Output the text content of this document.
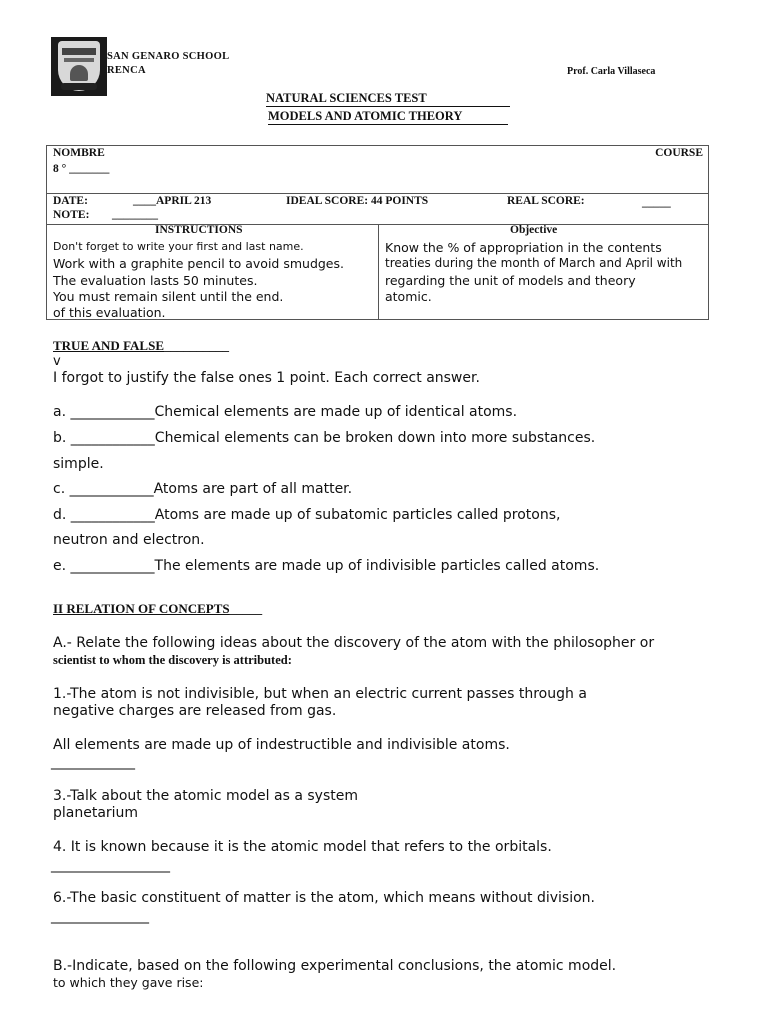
SAN GENARO SCHOOL
RENCA	Prof. Carla Villaseca
NATURAL SCIENCES TEST
MODELS AND ATOMIC THEORY
NOMBRE	COURSE
8 ° _______
DATE:	____APRIL 213	IDEAL SCORE: 44 POINTS	REAL SCORE:	_____
NOTE: ________
INSTRUCTIONS
Don't forget to write your first and last name.
Work with a graphite pencil to avoid smudges.
The evaluation lasts 50 minutes.
You must remain silent until the end.
of this evaluation.
Objective
Know the % of appropriation in the contents
treaties during the month of March and April with
regarding the unit of models and theory
atomic.
TRUE AND FALSE__________
v
I forgot to justify the false ones 1 point. Each correct answer.
a. ____________Chemical elements are made up of identical atoms.
b. ____________Chemical elements can be broken down into more substances.
simple.
c. ____________Atoms are part of all matter.
d. ____________Atoms are made up of subatomic particles called protons,
neutron and electron.
e. ____________The elements are made up of indivisible particles called atoms.
II RELATION OF CONCEPTS_____
A.- Relate the following ideas about the discovery of the atom with the philosopher or
scientist to whom the discovery is attributed:
1.-The atom is not indivisible, but when an electric current passes through a
negative charges are released from gas.
All elements are made up of indestructible and indivisible atoms.
____________
3.-Talk about the atomic model as a system
planetarium
4. It is known because it is the atomic model that refers to the orbitals.
_________________
6.-The basic constituent of matter is the atom, which means without division.
______________
B.-Indicate, based on the following experimental conclusions, the atomic model.
to which they gave rise:
